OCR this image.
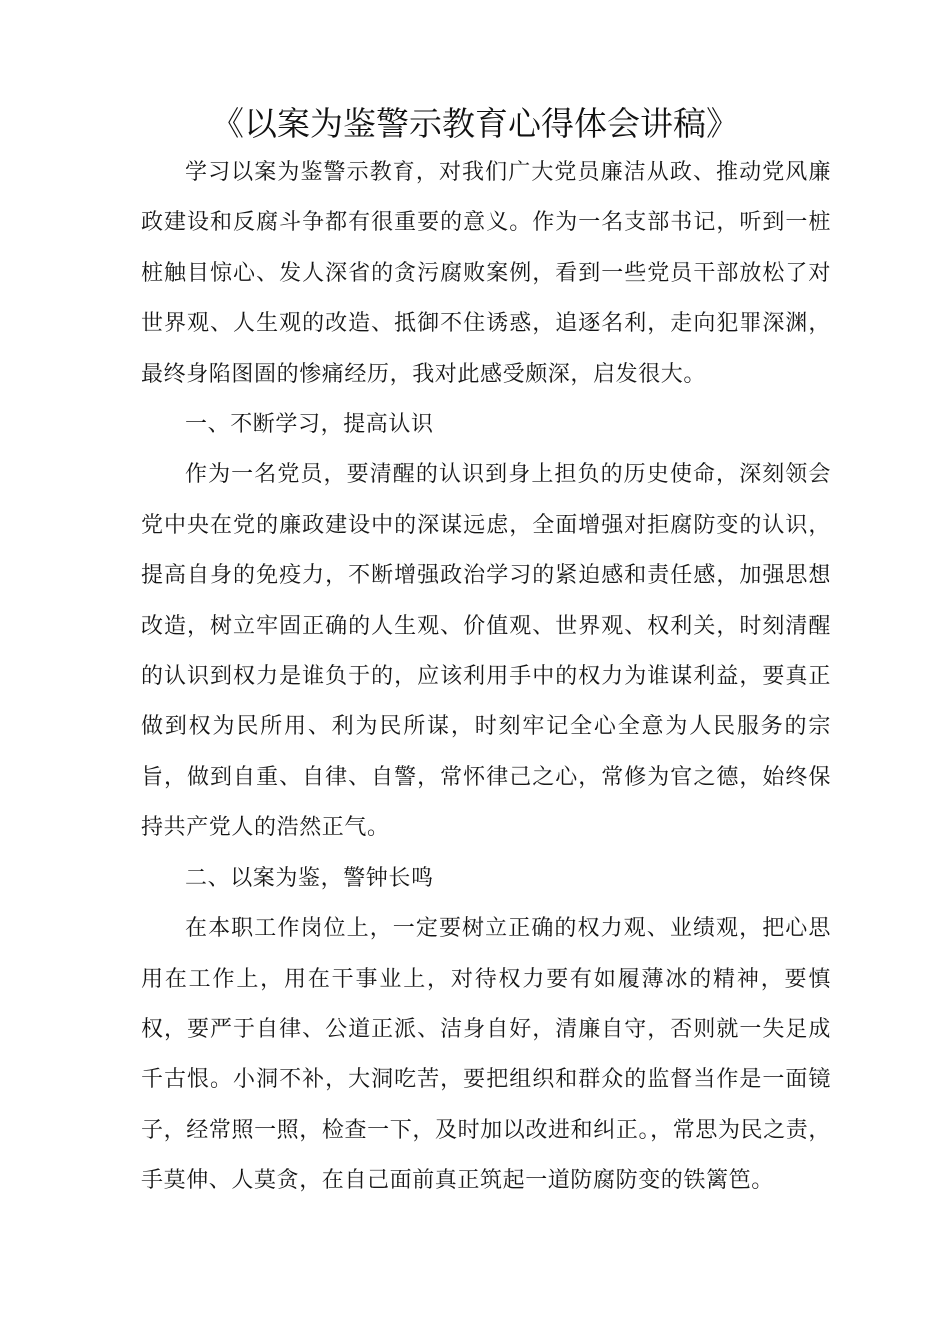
《以案为鉴警示教育心得体会讲稿》

学习以案为鉴警示教育，对我们广大党员廉洁从政、推动党风廉政建设和反腐斗争都有很重要的意义。作为一名支部书记，听到一桩桩触目惊心、发人深省的贪污腐败案例，看到一些党员干部放松了对世界观、人生观的改造、抵御不住诱惑，追逐名利，走向犯罪深渊，最终身陷图圄的惨痛经历，我对此感受颇深，启发很大。

一、不断学习，提高认识

作为一名党员，要清醒的认识到身上担负的历史使命，深刻领会党中央在党的廉政建设中的深谋远虑，全面增强对拒腐防变的认识，提高自身的免疫力，不断增强政治学习的紧迫感和责任感，加强思想改造，树立牢固正确的人生观、价值观、世界观、权利关，时刻清醒的认识到权力是谁负于的，应该利用手中的权力为谁谋利益，要真正做到权为民所用、利为民所谋，时刻牢记全心全意为人民服务的宗旨，做到自重、自律、自警，常怀律己之心，常修为官之德，始终保持共产党人的浩然正气。

二、以案为鉴，警钟长鸣

在本职工作岗位上，一定要树立正确的权力观、业绩观，把心思用在工作上，用在干事业上，对待权力要有如履薄冰的精神，要慎权，要严于自律、公道正派、洁身自好，清廉自守，否则就一失足成千古恨。小洞不补，大洞吃苦，要把组织和群众的监督当作是一面镜子，经常照一照，检查一下，及时加以改进和纠正。，常思为民之责，手莫伸、人莫贪，在自己面前真正筑起一道防腐防变的铁篱笆。
